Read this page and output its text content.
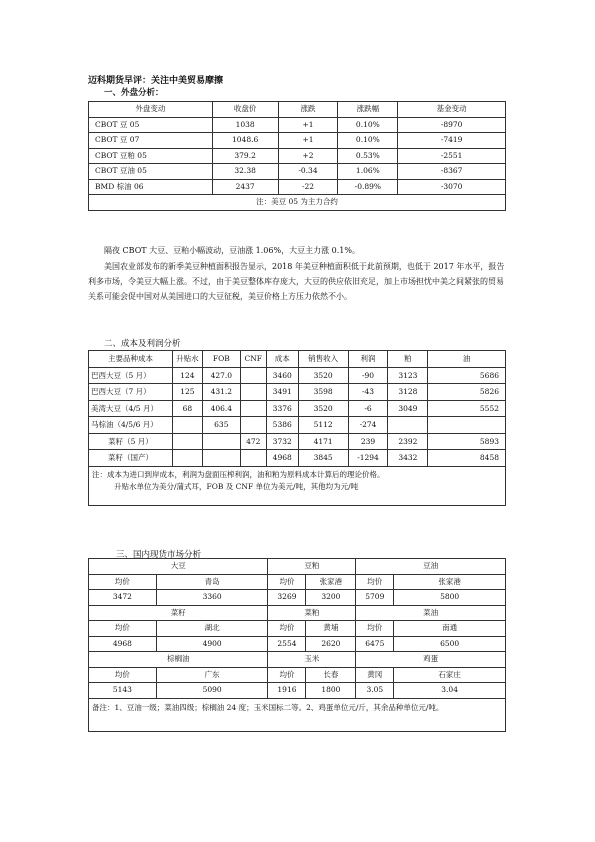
迈科期货早评：关注中美贸易摩擦
一、外盘分析：
外盘变动	收盘价	涨跌	涨跌幅	基金变动
CBOT 豆 05	1038	+1	0.10%	-8970
CBOT 豆 07	1048.6	+1	0.10%	-7419
CBOT 豆粕 05	379.2	+2	0.53%	-2551
CBOT 豆油 05	32.38	-0.34	1.06%	-8367
BMD 棕油 06	2437	-22	-0.89%	-3070
注：美豆 05 为主力合约				
隔夜 CBOT 大豆、豆粕小幅波动，豆油涨 1.06%，大豆主力涨 0.1%。
美国农业部发布的新季美豆种植面积报告显示，2018 年美豆种植面积低于此前预期，也低于 2017 年水平，报告利多市场，令美豆大幅上涨。不过，由于美豆整体库存庞大，大豆的供应依旧充足，加上市场担忧中美之间紧张的贸易关系可能会促中国对从美国进口的大豆征税，美豆价格上方压力依然不小。
二、成本及利润分析
主要品种成本	升贴水	FOB	CNF	成本	销售收入	利润	粕	油
巴西大豆（5 月）	124	427.0		3460	3520	-90	3123	5686
巴西大豆（7 月）	125	431.2		3491	3598	-43	3128	5826
美湾大豆（4/5 月）	68	406.4		3376	3520	-6	3049	5552
马棕油（4/5/6 月）		635		5386	5112	-274		
菜籽（5 月）			472	3732	4171	239	2392	5893
菜籽（国产）				4968	3845	-1294	3432	8458

注：成本为进口到岸成本，利润为盘面压榨利润，油和粕为原料成本计算后的理论价格。
升贴水单位为美分/蒲式耳，FOB 及 CNF 单位为美元/吨，其他均为元/吨								
三、国内现货市场分析
大豆		豆粕		豆油	
均价	青岛	均价	张家港	均价	张家港
3472	3360	3269	3200	5709	5800
菜籽		菜粕		菜油	
均价	湖北	均价	黄埔	均价	南通
4968	4900	2554	2620	6475	6500
棕榈油		玉米		鸡蛋	
均价	广东	均价	长春	黄冈	石家庄
5143	5090	1916	1800	3.05	3.04
备注：1、豆油一级；菜油四级；棕榈油 24 度；玉米国标二等。2、鸡蛋单位元/斤，其余品种单位元/吨。					
